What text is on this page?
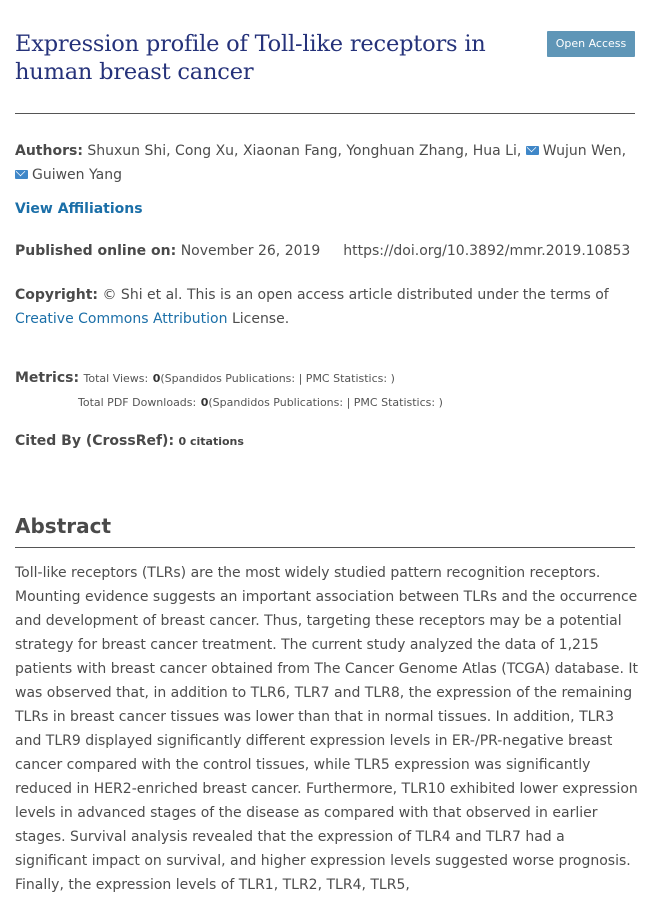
Expression profile of Toll-like receptors in human breast cancer
Open Access
Authors: Shuxun Shi, Cong Xu, Xiaonan Fang, Yonghuan Zhang, Hua Li, Wujun Wen,
Guiwen Yang
View Affiliations
Published online on: November 26, 2019 https://doi.org/10.3892/mmr.2019.10853
Copyright: © Shi et al. This is an open access article distributed under the terms of
Creative Commons Attribution License.
Metrics: Total Views: 0(Spandidos Publications: | PMC Statistics: )
Total PDF Downloads: 0(Spandidos Publications: | PMC Statistics: )
Cited By (CrossRef): 0 citations
Abstract
Toll-like receptors (TLRs) are the most widely studied pattern recognition receptors. Mounting evidence suggests an important association between TLRs and the occurrence and development of breast cancer. Thus, targeting these receptors may be a potential strategy for breast cancer treatment. The current study analyzed the data of 1,215 patients with breast cancer obtained from The Cancer Genome Atlas (TCGA) database. It was observed that, in addition to TLR6, TLR7 and TLR8, the expression of the remaining TLRs in breast cancer tissues was lower than that in normal tissues. In addition, TLR3 and TLR9 displayed significantly different expression levels in ER-/PR-negative breast cancer compared with the control tissues, while TLR5 expression was significantly reduced in HER2-enriched breast cancer. Furthermore, TLR10 exhibited lower expression levels in advanced stages of the disease as compared with that observed in earlier stages. Survival analysis revealed that the expression of TLR4 and TLR7 had a significant impact on survival, and higher expression levels suggested worse prognosis. Finally, the expression levels of TLR1, TLR2, TLR4, TLR5,
